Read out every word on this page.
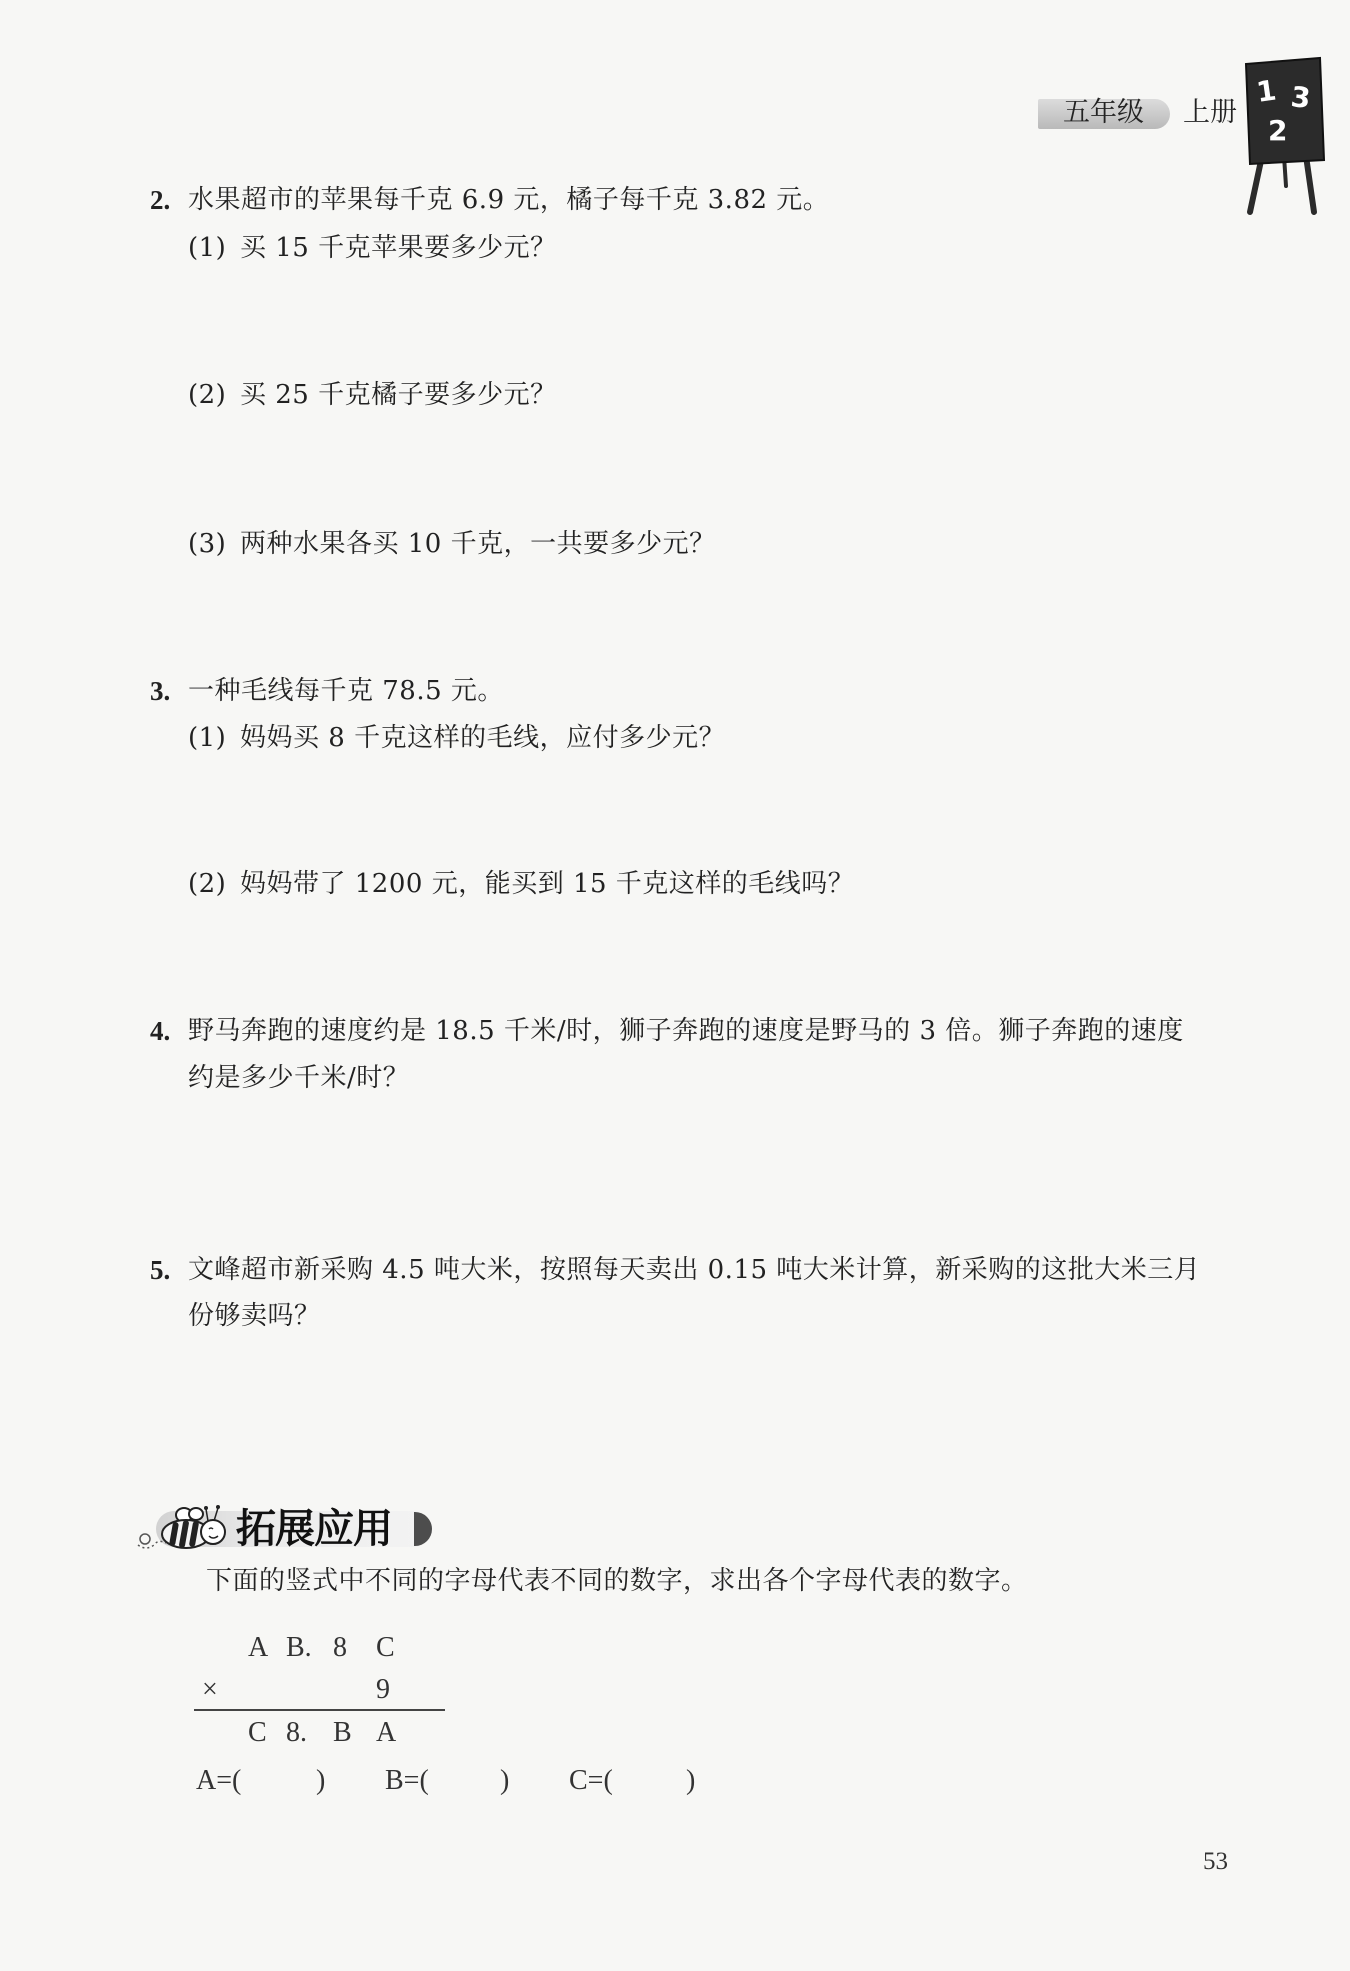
五年级 上册
1 3
2
2. 水果超市的苹果每千克 6.9 元，橘子每千克 3.82 元。
(1) 买 15 千克苹果要多少元？
(2) 买 25 千克橘子要多少元？
(3) 两种水果各买 10 千克，一共要多少元？
3. 一种毛线每千克 78.5 元。
(1) 妈妈买 8 千克这样的毛线，应付多少元？
(2) 妈妈带了 1200 元，能买到 15 千克这样的毛线吗？
4. 野马奔跑的速度约是 18.5 千米/时，狮子奔跑的速度是野马的 3 倍。狮子奔跑的速度
约是多少千米/时？
5. 文峰超市新采购 4.5 吨大米，按照每天卖出 0.15 吨大米计算，新采购的这批大米三月
份够卖吗？
拓展应用
下面的竖式中不同的字母代表不同的数字，求出各个字母代表的数字。
A B. 8 C
×	9
C 8. B A
A=(	) B=(	) C=(	)
53
